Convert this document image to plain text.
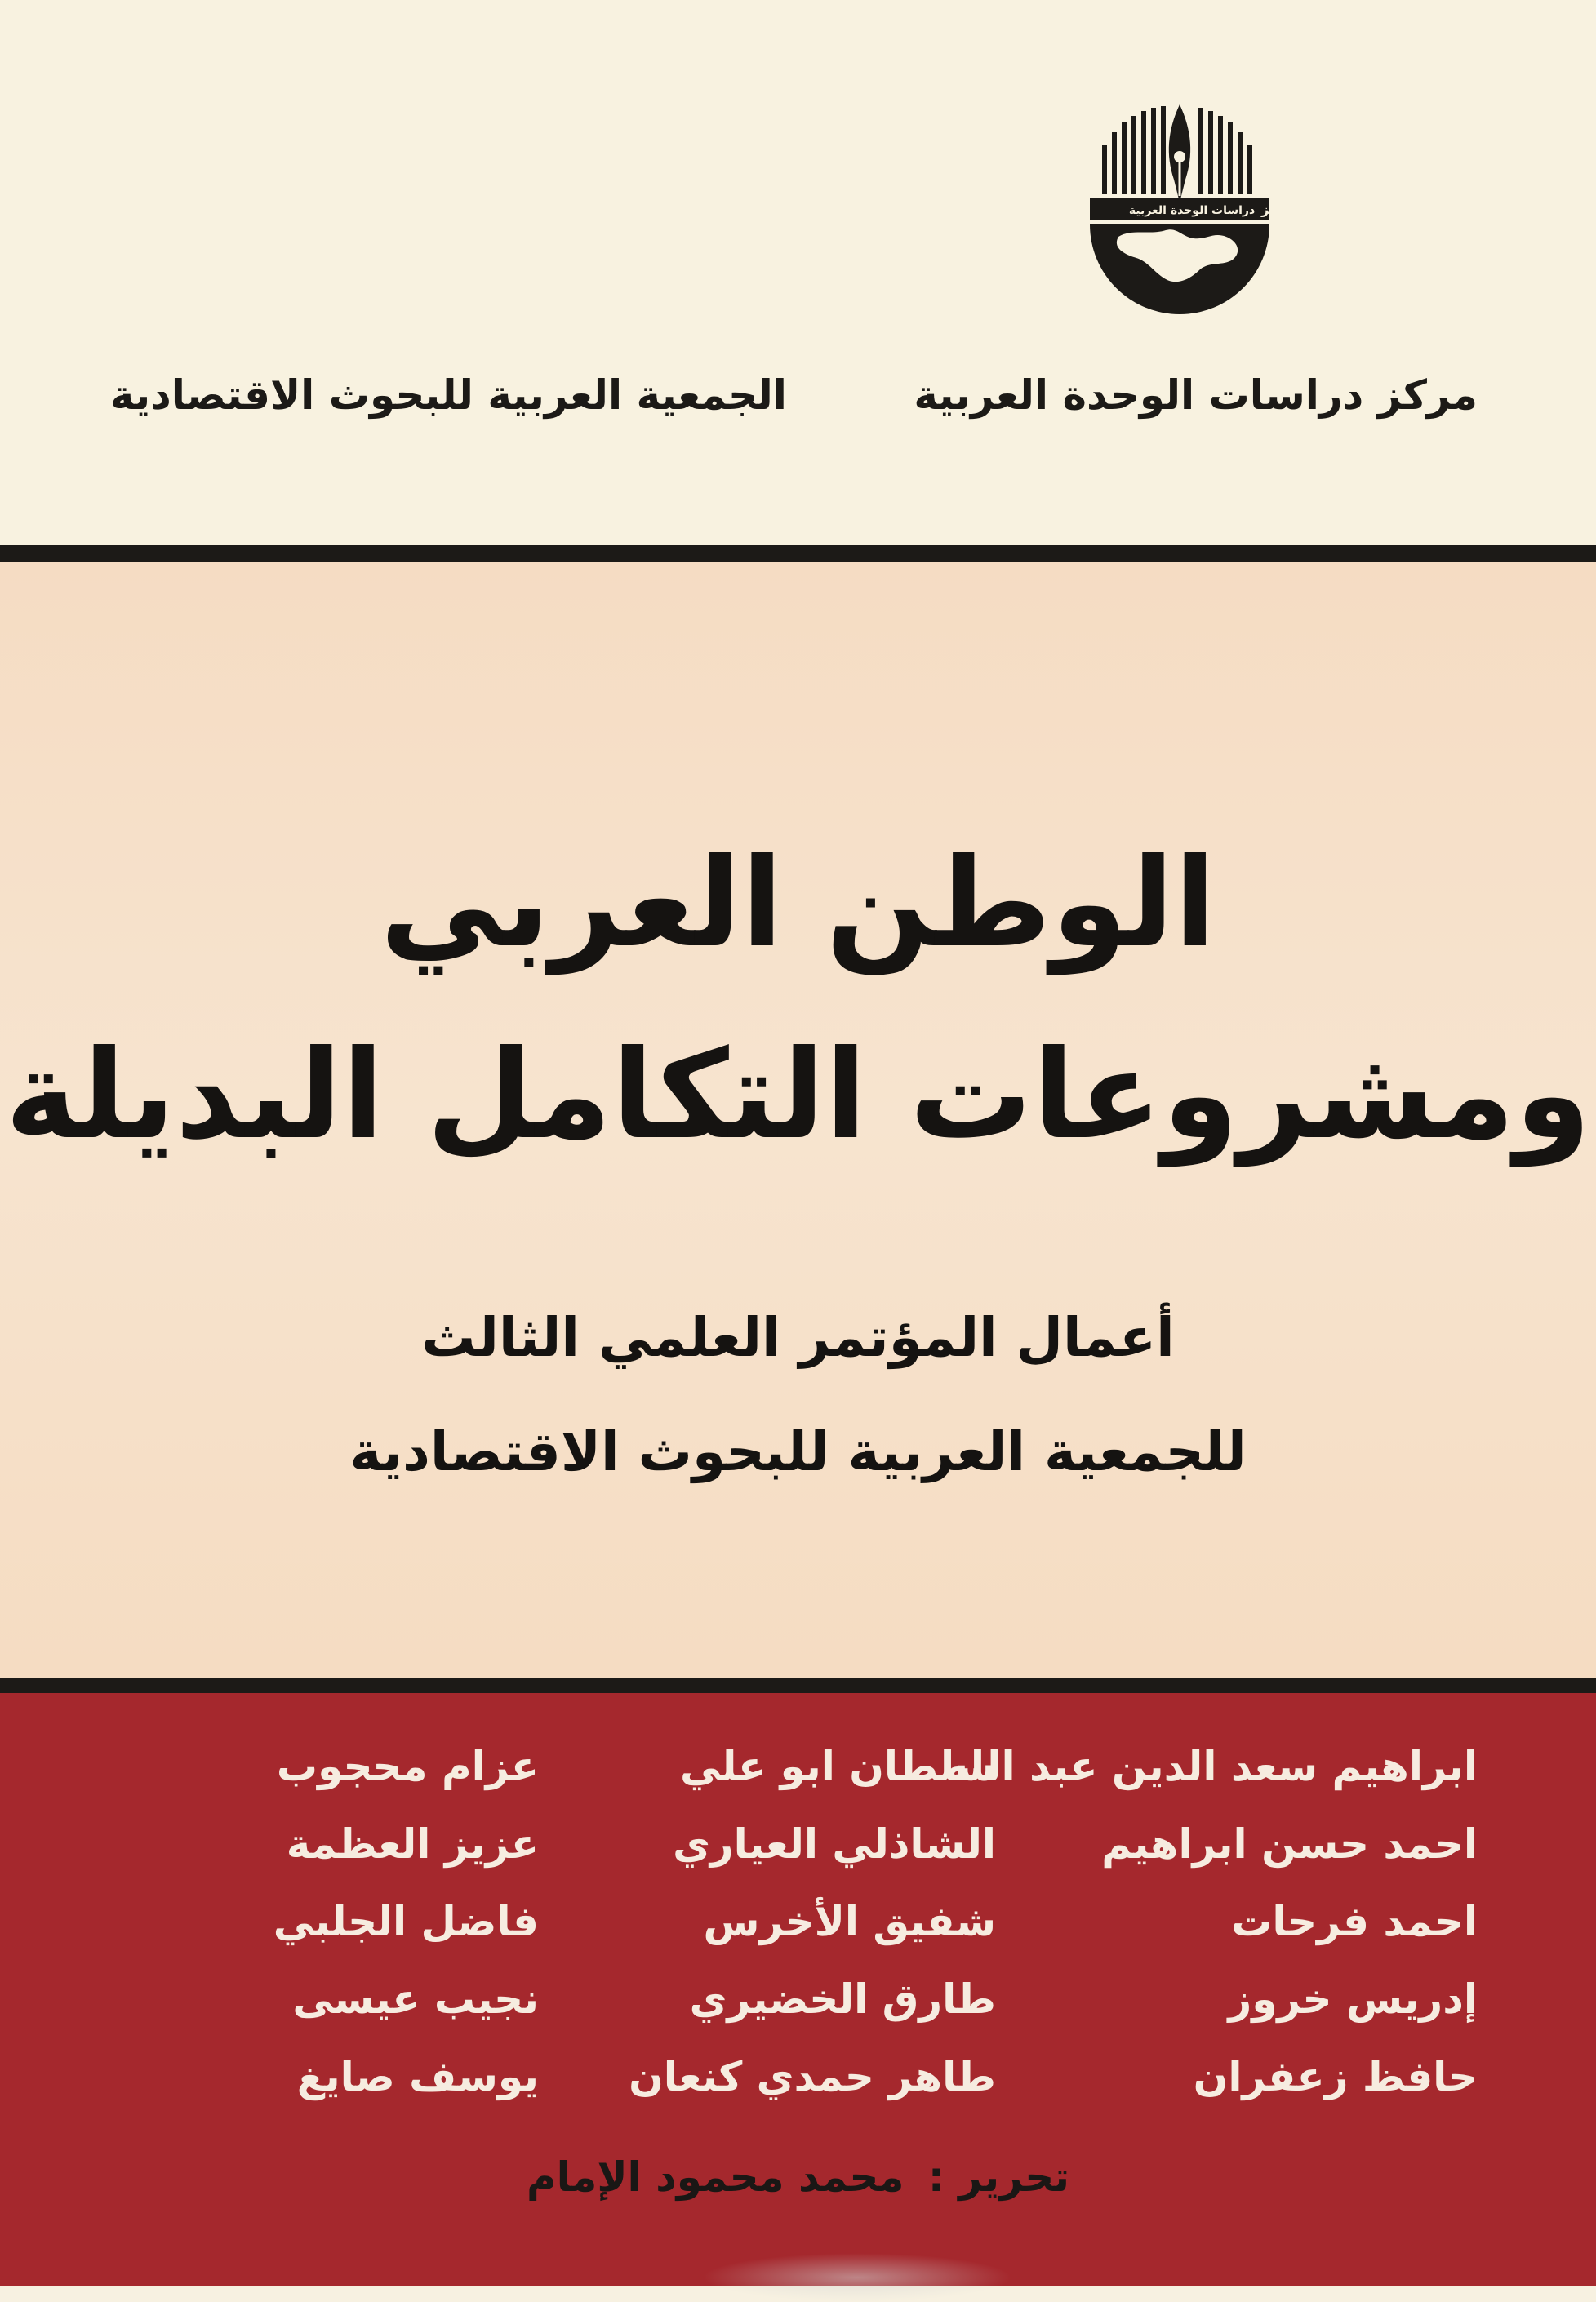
مركز
دراسات الوحدة العربية
مركز دراسات الوحدة العربية
الجمعية العربية للبحوث الاقتصادية
الوطن العربي
ومشروعات التكامل البديلة
أعمال المؤتمر العلمي الثالث
للجمعية العربية للبحوث الاقتصادية
ابراهيم سعد الدين عبد الله
احمد حسن ابراهيم
احمد فرحات
إدريس خروز
حافظ زعفران
سلطان ابو علي
الشاذلي العياري
شفيق الأخرس
طارق الخضيري
طاهر حمدي كنعان
عزام محجوب
عزيز العظمة
فاضل الجلبي
نجيب عيسى
يوسف صايغ
تحرير : محمد محمود الإمام
